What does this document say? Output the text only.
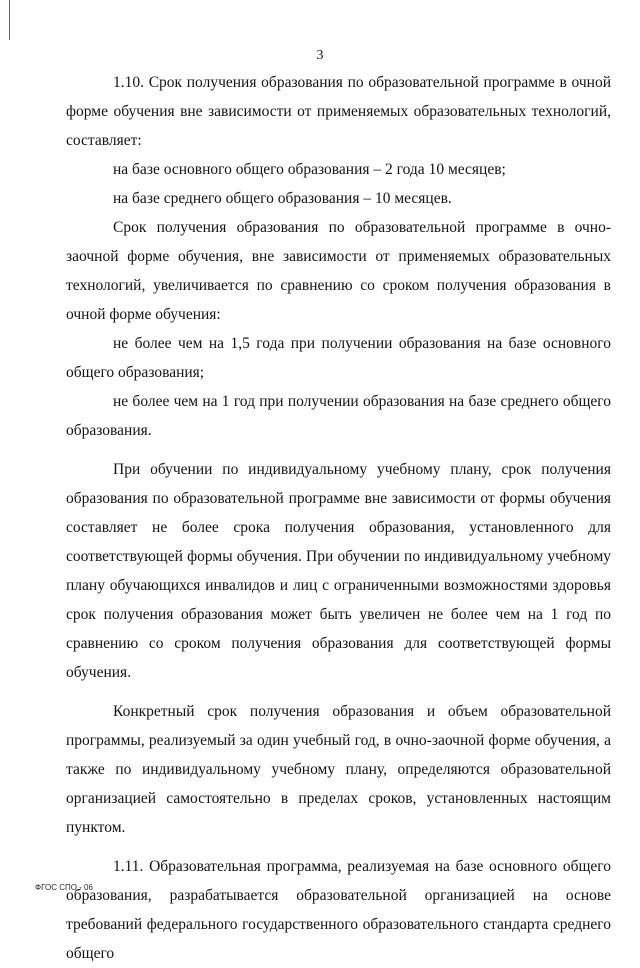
3

1.10. Срок получения образования по образовательной программе в очной форме обучения вне зависимости от применяемых образовательных технологий, составляет:

на базе основного общего образования – 2 года 10 месяцев;

на базе среднего общего образования – 10 месяцев.

Срок получения образования по образовательной программе в очно-заочной форме обучения, вне зависимости от применяемых образовательных технологий, увеличивается по сравнению со сроком получения образования в очной форме обучения:

не более чем на 1,5 года при получении образования на базе основного общего образования;

не более чем на 1 год при получении образования на базе среднего общего образования.

При обучении по индивидуальному учебному плану, срок получения образования по образовательной программе вне зависимости от формы обучения составляет не более срока получения образования, установленного для соответствующей формы обучения. При обучении по индивидуальному учебному плану обучающихся инвалидов и лиц с ограниченными возможностями здоровья срок получения образования может быть увеличен не более чем на 1 год по сравнению со сроком получения образования для соответствующей формы обучения.

Конкретный срок получения образования и объем образовательной программы, реализуемый за один учебный год, в очно-заочной форме обучения, а также по индивидуальному учебному плану, определяются образовательной организацией самостоятельно в пределах сроков, установленных настоящим пунктом.

1.11. Образовательная программа, реализуемая на базе основного общего образования, разрабатывается образовательной организацией на основе требований федерального государственного образовательного стандарта среднего общего

ФГОС СПО - 06
